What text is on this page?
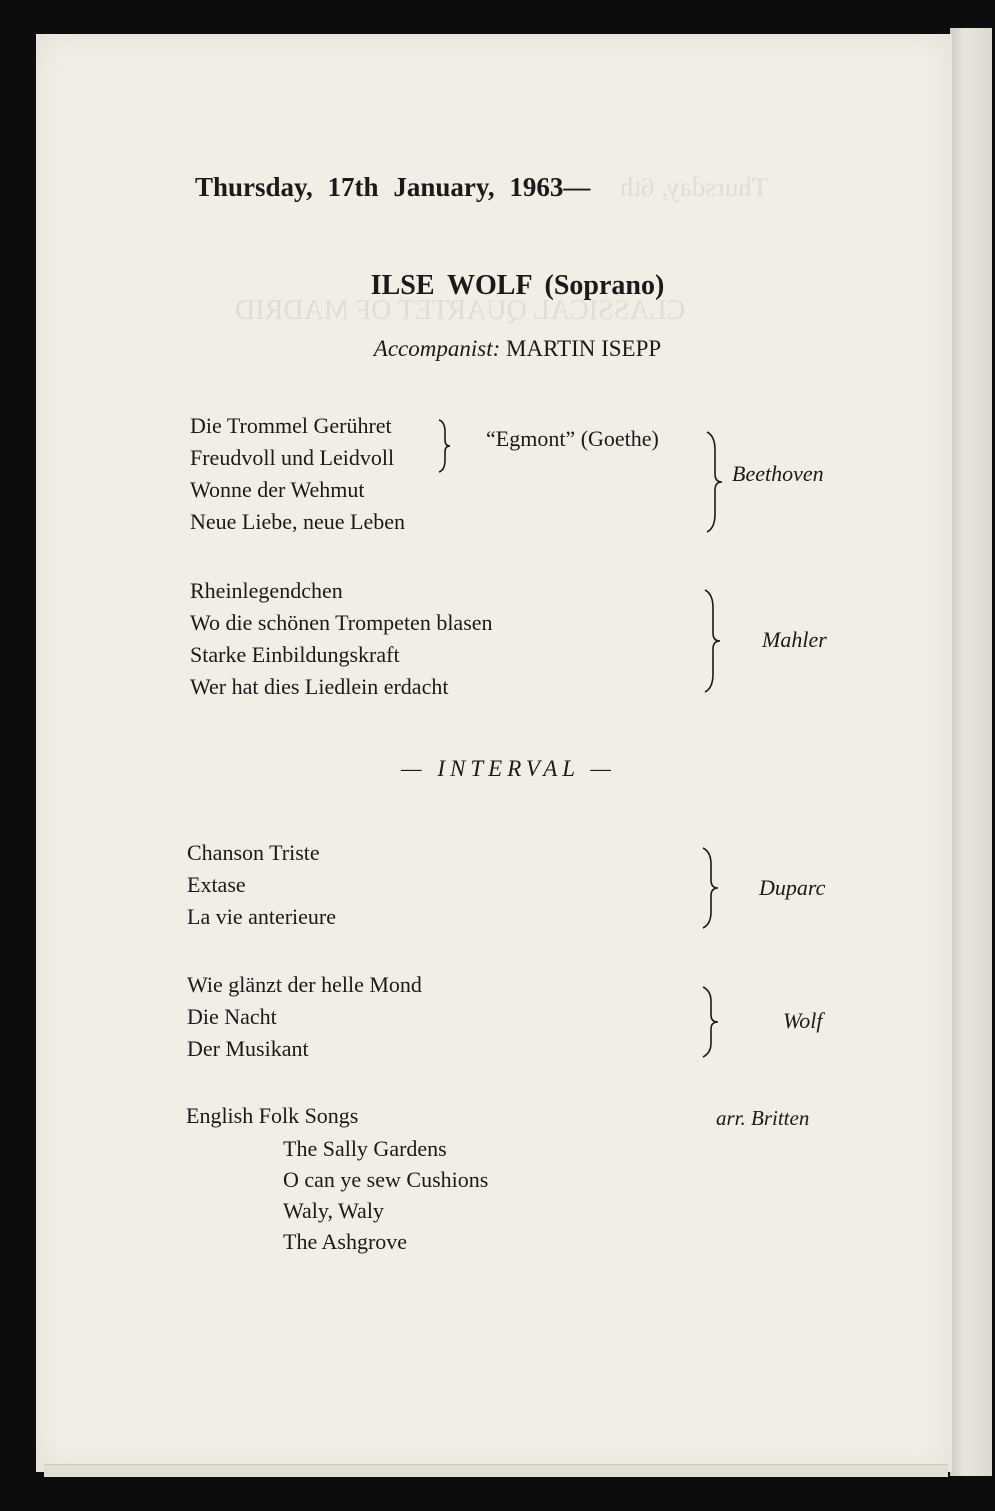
CLASSICAL QUARTET OF MADRID
Thursday, 6th
Thursday, 17th January, 1963—
ILSE WOLF (Soprano)
Accompanist: MARTIN ISEPP
Die Trommel Gerühret
Freudvoll und Leidvoll
Wonne der Wehmut
Neue Liebe, neue Leben
“Egmont” (Goethe)
Beethoven
Rheinlegendchen
Wo die schönen Trompeten blasen
Starke Einbildungskraft
Wer hat dies Liedlein erdacht
Mahler
— INTERVAL —
Chanson Triste
Extase
La vie anterieure
Duparc
Wie glänzt der helle Mond
Die Nacht
Der Musikant
Wolf
English Folk Songs	arr. Britten
The Sally Gardens
O can ye sew Cushions
Waly, Waly
The Ashgrove
